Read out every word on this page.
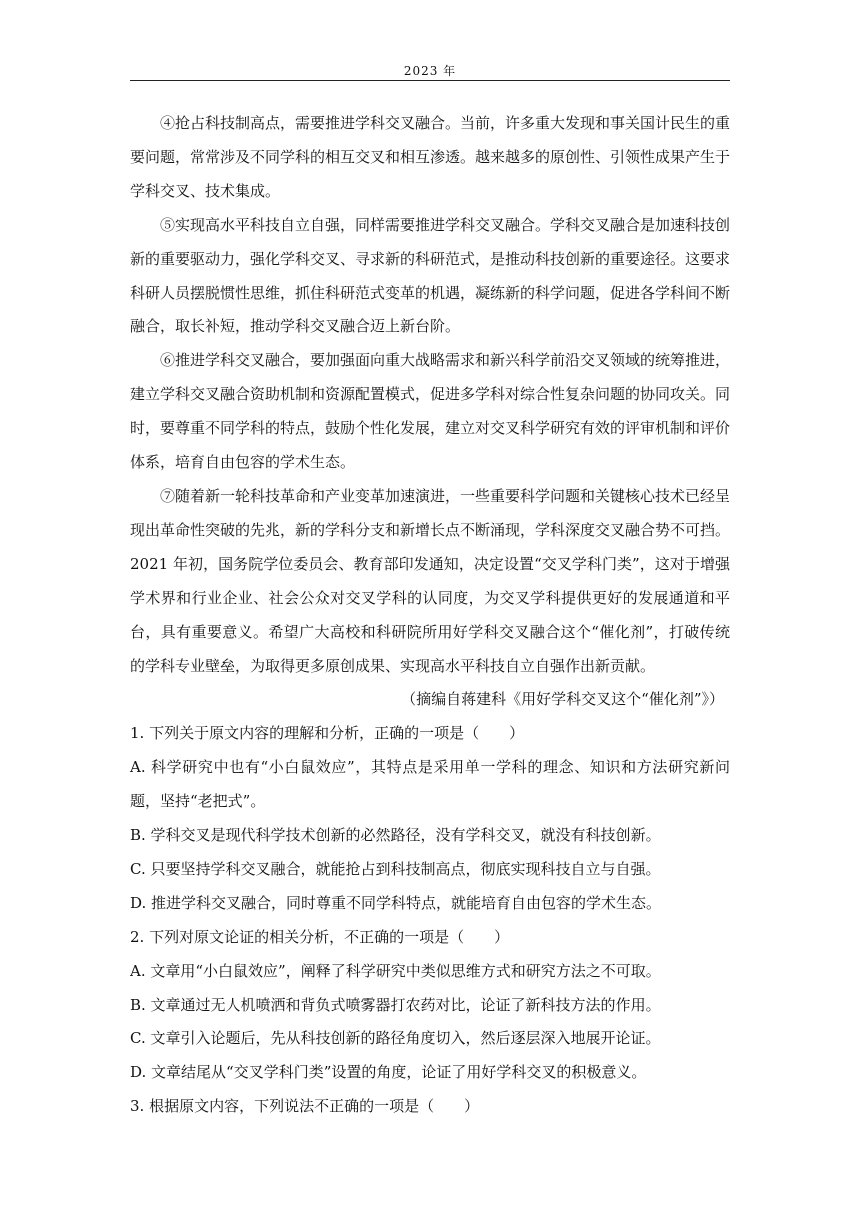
2023 年

④抢占科技制高点，需要推进学科交叉融合。当前，许多重大发现和事关国计民生的重要问题，常常涉及不同学科的相互交叉和相互渗透。越来越多的原创性、引领性成果产生于学科交叉、技术集成。

⑤实现高水平科技自立自强，同样需要推进学科交叉融合。学科交叉融合是加速科技创新的重要驱动力，强化学科交叉、寻求新的科研范式，是推动科技创新的重要途径。这要求科研人员摆脱惯性思维，抓住科研范式变革的机遇，凝练新的科学问题，促进各学科间不断融合，取长补短，推动学科交叉融合迈上新台阶。

⑥推进学科交叉融合，要加强面向重大战略需求和新兴科学前沿交叉领域的统筹推进，建立学科交叉融合资助机制和资源配置模式，促进多学科对综合性复杂问题的协同攻关。同时，要尊重不同学科的特点，鼓励个性化发展，建立对交叉科学研究有效的评审机制和评价体系，培育自由包容的学术生态。

⑦随着新一轮科技革命和产业变革加速演进，一些重要科学问题和关键核心技术已经呈现出革命性突破的先兆，新的学科分支和新增长点不断涌现，学科深度交叉融合势不可挡。2021 年初，国务院学位委员会、教育部印发通知，决定设置“交叉学科门类”，这对于增强学术界和行业企业、社会公众对交叉学科的认同度，为交叉学科提供更好的发展通道和平台，具有重要意义。希望广大高校和科研院所用好学科交叉融合这个“催化剂”，打破传统的学科专业壁垒，为取得更多原创成果、实现高水平科技自立自强作出新贡献。

（摘编自蒋建科《用好学科交叉这个“催化剂”》）

1. 下列关于原文内容的理解和分析，正确的一项是（　　）

A. 科学研究中也有“小白鼠效应”，其特点是采用单一学科的理念、知识和方法研究新问题，坚持“老把式”。

B. 学科交叉是现代科学技术创新的必然路径，没有学科交叉，就没有科技创新。

C. 只要坚持学科交叉融合，就能抢占到科技制高点，彻底实现科技自立与自强。

D. 推进学科交叉融合，同时尊重不同学科特点，就能培育自由包容的学术生态。

2. 下列对原文论证的相关分析，不正确的一项是（　　）

A. 文章用“小白鼠效应”，阐释了科学研究中类似思维方式和研究方法之不可取。

B. 文章通过无人机喷洒和背负式喷雾器打农药对比，论证了新科技方法的作用。

C. 文章引入论题后，先从科技创新的路径角度切入，然后逐层深入地展开论证。

D. 文章结尾从“交叉学科门类”设置的角度，论证了用好学科交叉的积极意义。

3. 根据原文内容，下列说法不正确的一项是（　　）
